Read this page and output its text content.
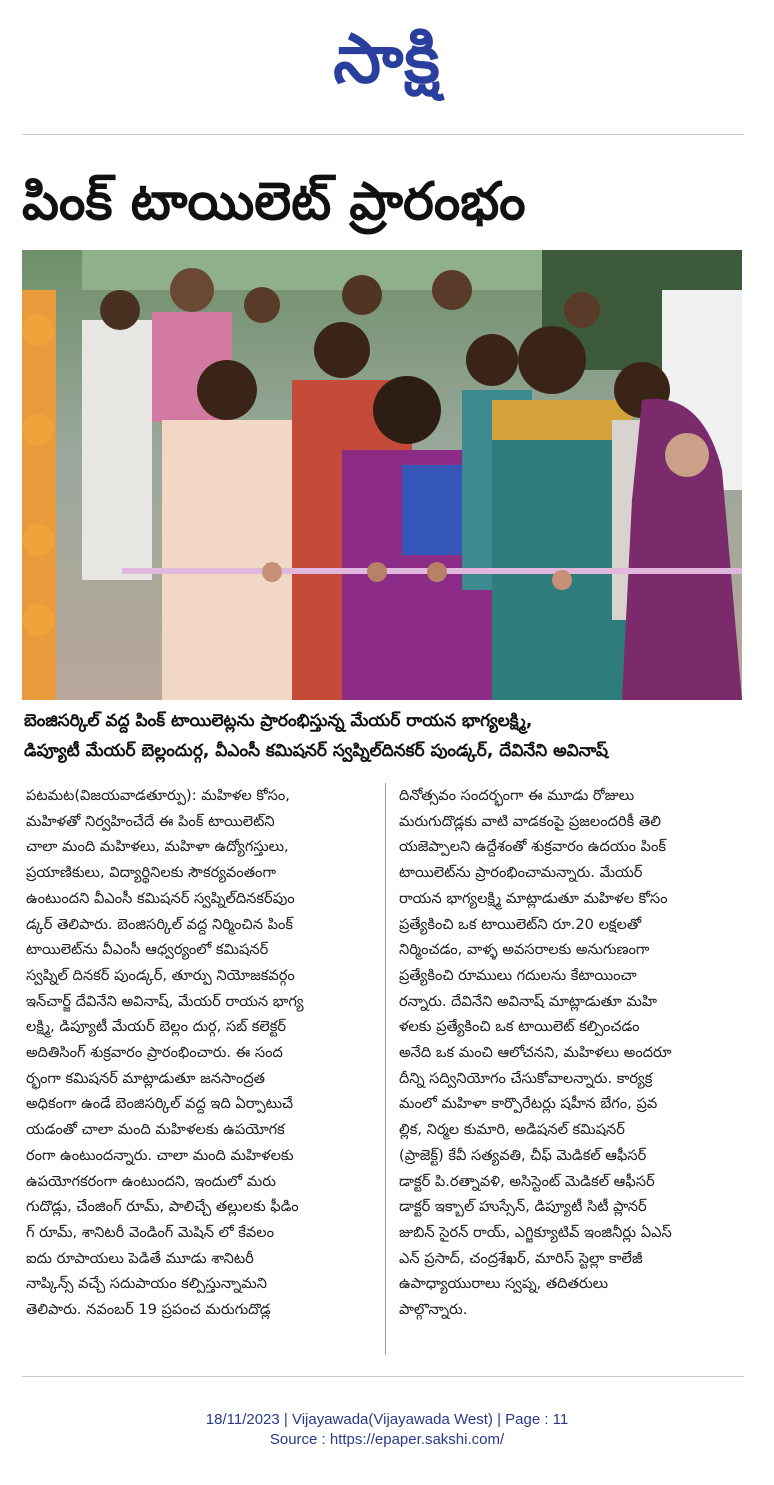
సాక్షి
పింక్ టాయిలెట్ ప్రారంభం
బెంజిసర్కిల్ వద్ద పింక్ టాయిలెట్లను ప్రారంభిస్తున్న మేయర్ రాయన భాగ్యలక్ష్మి,
డిప్యూటీ మేయర్ బెల్లందుర్గ, వీఎంసీ కమిషనర్ స్వప్నిల్‌దినకర్ పుండ్కర్, దేవినేని అవినాష్

పటమట(విజయవాడతూర్పు): మహిళల కోసం,
మహిళతో నిర్వహించేదే ఈ పింక్ టాయిలెట్‌ని
చాలా మంది మహిళలు, మహిళా ఉద్యోగస్తులు,
ప్రయాణికులు, విద్యార్థినిలకు సౌకర్యవంతంగా
ఉంటుందని వీఎంసీ కమిషనర్ స్వప్నిల్‌దినకర్‌పుం
డ్కర్ తెలిపారు. బెంజిసర్కిల్ వద్ద నిర్మించిన పింక్
టాయిలెట్‌ను వీఎంసీ ఆధ్వర్యంలో కమిషనర్
స్వప్నిల్ దినకర్ పుండ్కర్, తూర్పు నియోజకవర్గం
ఇన్‌చార్జ్ దేవినేని అవినాష్, మేయర్ రాయన భాగ్య
లక్ష్మి, డిప్యూటీ మేయర్ బెల్లం దుర్గ, సబ్ కలెక్టర్
అదితిసింగ్ శుక్రవారం ప్రారంభించారు. ఈ సంద
ర్భంగా కమిషనర్ మాట్లాడుతూ జనసాంద్రత
అధికంగా ఉండే బెంజిసర్కిల్ వద్ద ఇది ఏర్పాటుచే
యడంతో చాలా మంది మహిళలకు ఉపయోగక
రంగా ఉంటుందన్నారు. చాలా మంది మహిళలకు
ఉపయోగకరంగా ఉంటుందని, ఇందులో మరు
గుదొడ్లు, చేంజింగ్ రూమ్, పాలిచ్చే తల్లులకు ఫీడిం
గ్ రూమ్, శానిటరీ వెండింగ్ మెషిన్ లో కేవలం
ఐదు రూపాయలు పెడితే మూడు శానిటరీ
నాప్కిన్స్ వచ్చే సదుపాయం కల్పిస్తున్నామని
తెలిపారు. నవంబర్ 19 ప్రపంచ మరుగుదొడ్ల

దినోత్సవం సందర్భంగా ఈ మూడు రోజులు
మరుగుదొడ్లకు వాటి వాడకంపై ప్రజలందరికీ తెలి
యజెప్పాలని ఉద్దేశంతో శుక్రవారం ఉదయం పింక్
టాయిలెట్‌ను ప్రారంభించామన్నారు. మేయర్
రాయన భాగ్యలక్ష్మి మాట్లాడుతూ మహిళల కోసం
ప్రత్యేకించి ఒక టాయిలెట్‌ని రూ.20 లక్షలతో
నిర్మించడం, వాళ్ళ అవసరాలకు అనుగుణంగా
ప్రత్యేకించి రూములు గదులను కేటాయించా
రన్నారు. దేవినేని అవినాష్ మాట్లాడుతూ మహి
ళలకు ప్రత్యేకించి ఒక టాయిలెట్ కల్పించడం
అనేది ఒక మంచి ఆలోచనని, మహిళలు అందరూ
దీన్ని సద్వినియోగం చేసుకోవాలన్నారు. కార్యక్ర
మంలో మహిళా కార్పొరేటర్లు షహీన బేగం, ప్రవ
ల్లిక, నిర్మల కుమారి, అడిషనల్ కమిషనర్
(ప్రాజెక్ట్) కేవీ సత్యవతి, చీఫ్ మెడికల్ ఆఫీసర్
డాక్టర్ పి.రత్నావళి, అసిస్టెంట్ మెడికల్ ఆఫీసర్
డాక్టర్ ఇక్బాల్ హుస్సేన్, డిప్యూటీ సిటీ ప్లానర్
జుబిన్ సైరన్ రాయ్, ఎగ్జిక్యూటివ్ ఇంజినీర్లు ఏఎస్
ఎన్ ప్రసాద్, చంద్రశేఖర్, మారిస్ స్టెల్లా కాలేజీ
ఉపాధ్యాయురాలు స్వప్న, తదితరులు
పాల్గొన్నారు.

18/11/2023 | Vijayawada(Vijayawada West) | Page : 11
Source : https://epaper.sakshi.com/
